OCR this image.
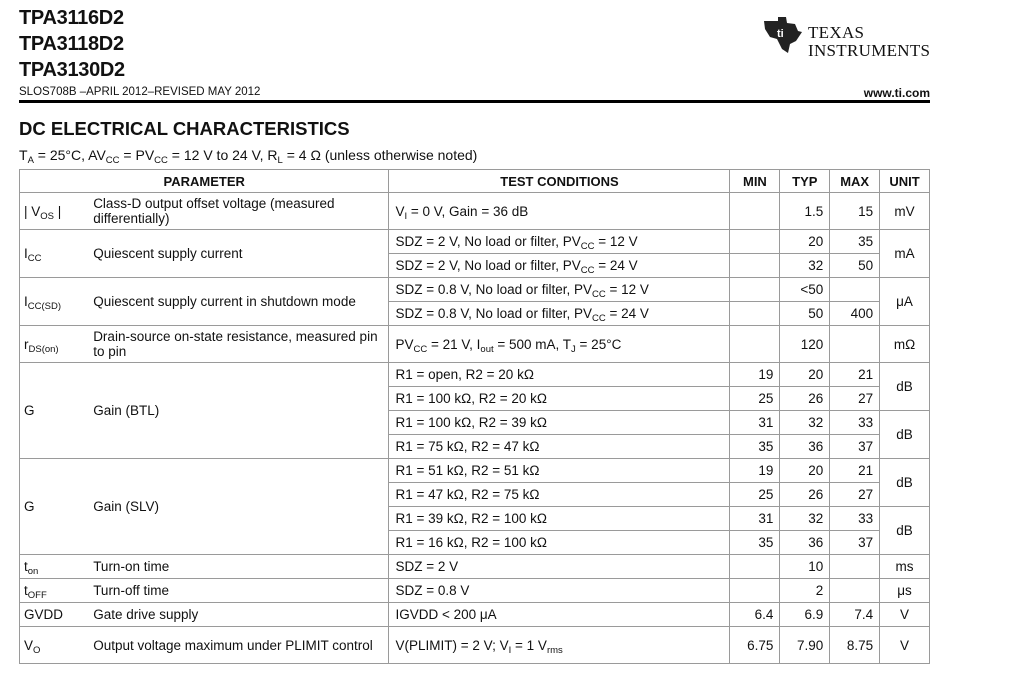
TPA3116D2
TPA3118D2
TPA3130D2
ti TEXAS
INSTRUMENTS
SLOS708B –APRIL 2012–REVISED MAY 2012	www.ti.com
DC ELECTRICAL CHARACTERISTICS
$T_A = 25^\circ C$, $AV_{CC} = PV_{CC} = 12$ V to 24 V, $R_L = 4$ Ω (unless otherwise noted)
PARAMETER		TEST CONDITIONS	MIN	TYP	MAX	UNIT
| $V_{OS}$ |	Class-D output offset voltage (measured differentially)	$V_I = 0$ V, Gain = 36 dB		1.5	15	mV
$I_{CC}$	Quiescent supply current	SDZ = 2 V, No load or filter, $PV_{CC} = 12$ V		20	35	mA
		SDZ = 2 V, No load or filter, $PV_{CC} = 24$ V		32	50	
$I_{CC(SD)}$	Quiescent supply current in shutdown mode	SDZ = 0.8 V, No load or filter, $PV_{CC} = 12$ V		<50		μA
		SDZ = 0.8 V, No load or filter, $PV_{CC} = 24$ V		50	400	
$r_{DS(on)}$	Drain-source on-state resistance, measured pin to pin	$PV_{CC} = 21$ V, $I_{out} = 500$ mA, $T_J = 25^\circ C$		120		mΩ
G	Gain (BTL)	R1 = open, R2 = 20 kΩ	19	20	21	dB
		R1 = 100 kΩ, R2 = 20 kΩ	25	26	27	
		R1 = 100 kΩ, R2 = 39 kΩ	31	32	33	dB
		R1 = 75 kΩ, R2 = 47 kΩ	35	36	37	
G	Gain (SLV)	R1 = 51 kΩ, R2 = 51 kΩ	19	20	21	dB
		R1 = 47 kΩ, R2 = 75 kΩ	25	26	27	
		R1 = 39 kΩ, R2 = 100 kΩ	31	32	33	dB
		R1 = 16 kΩ, R2 = 100 kΩ	35	36	37	
$t_{on}$	Turn-on time	SDZ = 2 V		10		ms
$t_{OFF}$	Turn-off time	SDZ = 0.8 V		2		μs
GVDD	Gate drive supply	IGVDD < 200 μA	6.4	6.9	7.4	V
$V_O$	Output voltage maximum under PLIMIT control	V(PLIMIT) = 2 V; $V_I = 1$ $V_{rms}$	6.75	7.90	8.75	V
